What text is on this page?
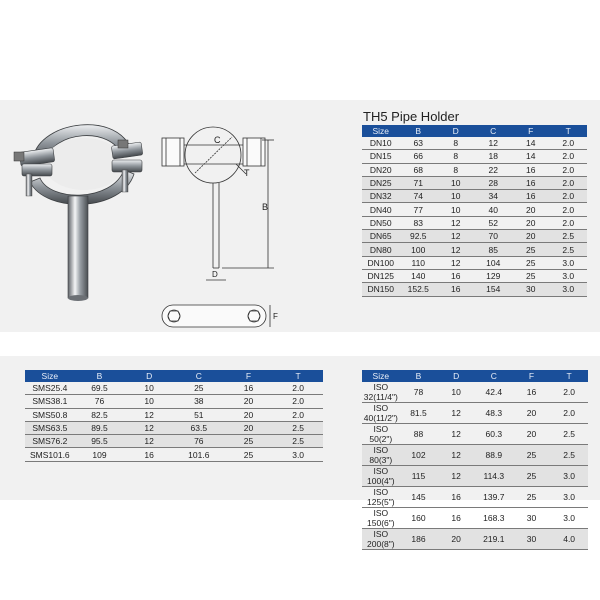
C
T
B
D
F
TH5 Pipe Holder
Size	B	D	C	F	T
DN10	63	8	12	14	2.0
DN15	66	8	18	14	2.0
DN20	68	8	22	16	2.0
DN25	71	10	28	16	2.0
DN32	74	10	34	16	2.0
DN40	77	10	40	20	2.0
DN50	83	12	52	20	2.0
DN65	92.5	12	70	20	2.5
DN80	100	12	85	25	2.5
DN100	110	12	104	25	3.0
DN125	140	16	129	25	3.0
DN150	152.5	16	154	30	3.0
Size	B	D	C	F	T
SMS25.4	69.5	10	25	16	2.0
SMS38.1	76	10	38	20	2.0
SMS50.8	82.5	12	51	20	2.0
SMS63.5	89.5	12	63.5	20	2.5
SMS76.2	95.5	12	76	25	2.5
SMS101.6	109	16	101.6	25	3.0
Size	B	D	C	F	T
ISO 32(11/4")	78	10	42.4	16	2.0
ISO 40(11/2")	81.5	12	48.3	20	2.0
ISO 50(2")	88	12	60.3	20	2.5
ISO 80(3")	102	12	88.9	25	2.5
ISO 100(4")	115	12	114.3	25	3.0
ISO 125(5")	145	16	139.7	25	3.0
ISO 150(6")	160	16	168.3	30	3.0
ISO 200(8")	186	20	219.1	30	4.0
